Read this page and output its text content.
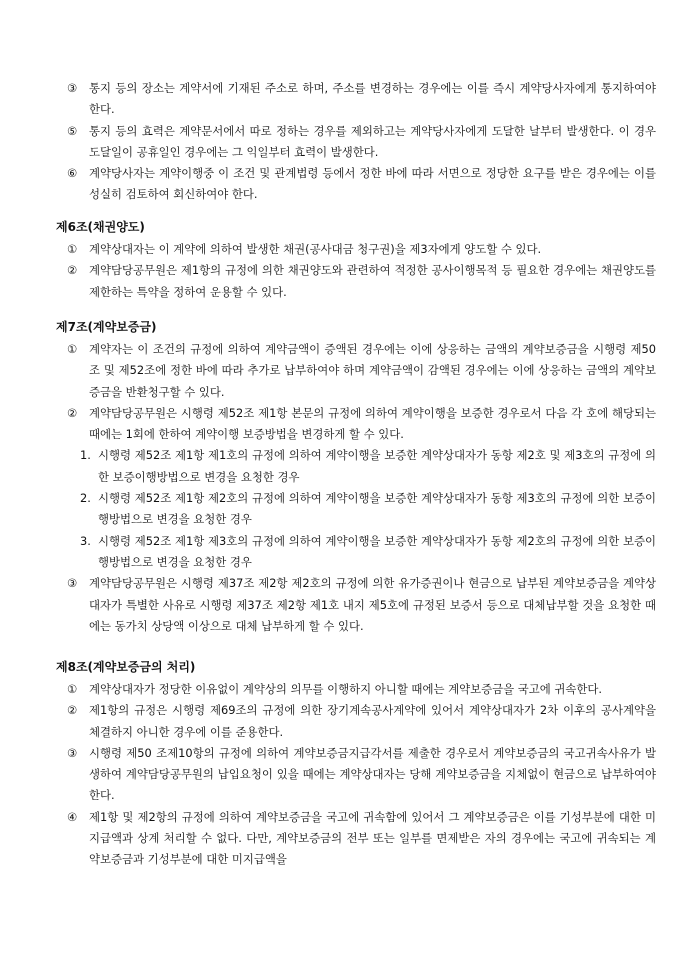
③ 통지 등의 장소는 계약서에 기재된 주소로 하며, 주소를 변경하는 경우에는 이를 즉시 계약당사자에게 통지하여야 한다.
⑤ 통지 등의 효력은 계약문서에서 따로 정하는 경우를 제외하고는 계약당사자에게 도달한 날부터 발생한다. 이 경우 도달일이 공휴일인 경우에는 그 익일부터 효력이 발생한다.
⑥ 계약당사자는 계약이행중 이 조건 및 관계법령 등에서 정한 바에 따라 서면으로 정당한 요구를 받은 경우에는 이를 성실히 검토하여 회신하여야 한다.

제6조(채권양도)

① 계약상대자는 이 계약에 의하여 발생한 채권(공사대금 청구권)을 제3자에게 양도할 수 있다.
② 계약담당공무원은 제1항의 규정에 의한 채권양도와 관련하여 적정한 공사이행목적 등 필요한 경우에는 채권양도를 제한하는 특약을 정하여 운용할 수 있다.

제7조(계약보증금)

① 계약자는 이 조건의 규정에 의하여 계약금액이 증액된 경우에는 이에 상응하는 금액의 계약보증금을 시행령 제50조 및 제52조에 정한 바에 따라 추가로 납부하여야 하며 계약금액이 감액된 경우에는 이에 상응하는 금액의 계약보증금을 반환청구할 수 있다.
② 계약담당공무원은 시행령 제52조 제1항 본문의 규정에 의하여 계약이행을 보증한 경우로서 다음 각 호에 해당되는 때에는 1회에 한하여 계약이행 보증방법을 변경하게 할 수 있다.
1. 시행령 제52조 제1항 제1호의 규정에 의하여 계약이행을 보증한 계약상대자가 동항 제2호 및 제3호의 규정에 의한 보증이행방법으로 변경을 요청한 경우
2. 시행령 제52조 제1항 제2호의 규정에 의하여 계약이행을 보증한 계약상대자가 동항 제3호의 규정에 의한 보증이행방법으로 변경을 요청한 경우
3. 시행령 제52조 제1항 제3호의 규정에 의하여 계약이행을 보증한 계약상대자가 동항 제2호의 규정에 의한 보증이행방법으로 변경을 요청한 경우
③ 계약담당공무원은 시행령 제37조 제2항 제2호의 규정에 의한 유가증권이나 현금으로 납부된 계약보증금을 계약상대자가 특별한 사유로 시행령 제37조 제2항 제1호 내지 제5호에 규정된 보증서 등으로 대체납부할 것을 요청한 때에는 동가치 상당액 이상으로 대체 납부하게 할 수 있다.

제8조(계약보증금의 처리)

① 계약상대자가 정당한 이유없이 계약상의 의무를 이행하지 아니할 때에는 계약보증금을 국고에 귀속한다.
② 제1항의 규정은 시행령 제69조의 규정에 의한 장기계속공사계약에 있어서 계약상대자가 2차 이후의 공사계약을 체결하지 아니한 경우에 이를 준용한다.
③ 시행령 제50 조제10항의 규정에 의하여 계약보증금지급각서를 제출한 경우로서 계약보증금의 국고귀속사유가 발생하여 계약담당공무원의 납입요청이 있을 때에는 계약상대자는 당해 계약보증금을 지체없이 현금으로 납부하여야 한다.
④ 제1항 및 제2항의 규정에 의하여 계약보증금을 국고에 귀속함에 있어서 그 계약보증금은 이를 기성부분에 대한 미지급액과 상계 처리할 수 없다. 다만, 계약보증금의 전부 또는 일부를 면제받은 자의 경우에는 국고에 귀속되는 계약보증금과 기성부분에 대한 미지급액을
